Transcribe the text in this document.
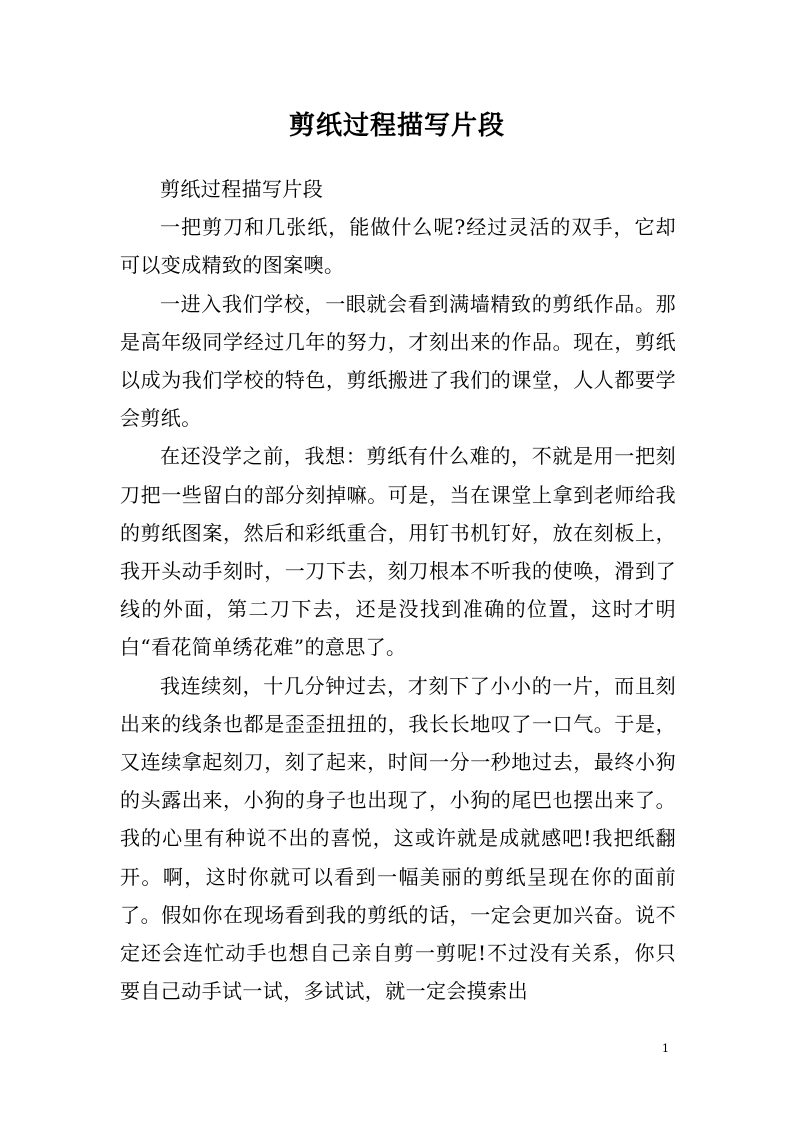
剪纸过程描写片段

剪纸过程描写片段

一把剪刀和几张纸，能做什么呢?经过灵活的双手，它却可以变成精致的图案噢。

一进入我们学校，一眼就会看到满墙精致的剪纸作品。那是高年级同学经过几年的努力，才刻出来的作品。现在，剪纸以成为我们学校的特色，剪纸搬进了我们的课堂，人人都要学会剪纸。

在还没学之前，我想：剪纸有什么难的，不就是用一把刻刀把一些留白的部分刻掉嘛。可是，当在课堂上拿到老师给我的剪纸图案，然后和彩纸重合，用钉书机钉好，放在刻板上，我开头动手刻时，一刀下去，刻刀根本不听我的使唤，滑到了线的外面，第二刀下去，还是没找到准确的位置，这时才明白“看花简单绣花难”的意思了。

我连续刻，十几分钟过去，才刻下了小小的一片，而且刻出来的线条也都是歪歪扭扭的，我长长地叹了一口气。于是，又连续拿起刻刀，刻了起来，时间一分一秒地过去，最终小狗的头露出来，小狗的身子也出现了，小狗的尾巴也摆出来了。我的心里有种说不出的喜悦，这或许就是成就感吧!我把纸翻开。啊，这时你就可以看到一幅美丽的剪纸呈现在你的面前了。假如你在现场看到我的剪纸的话，一定会更加兴奋。说不定还会连忙动手也想自己亲自剪一剪呢!不过没有关系，你只要自己动手试一试，多试试，就一定会摸索出

1
